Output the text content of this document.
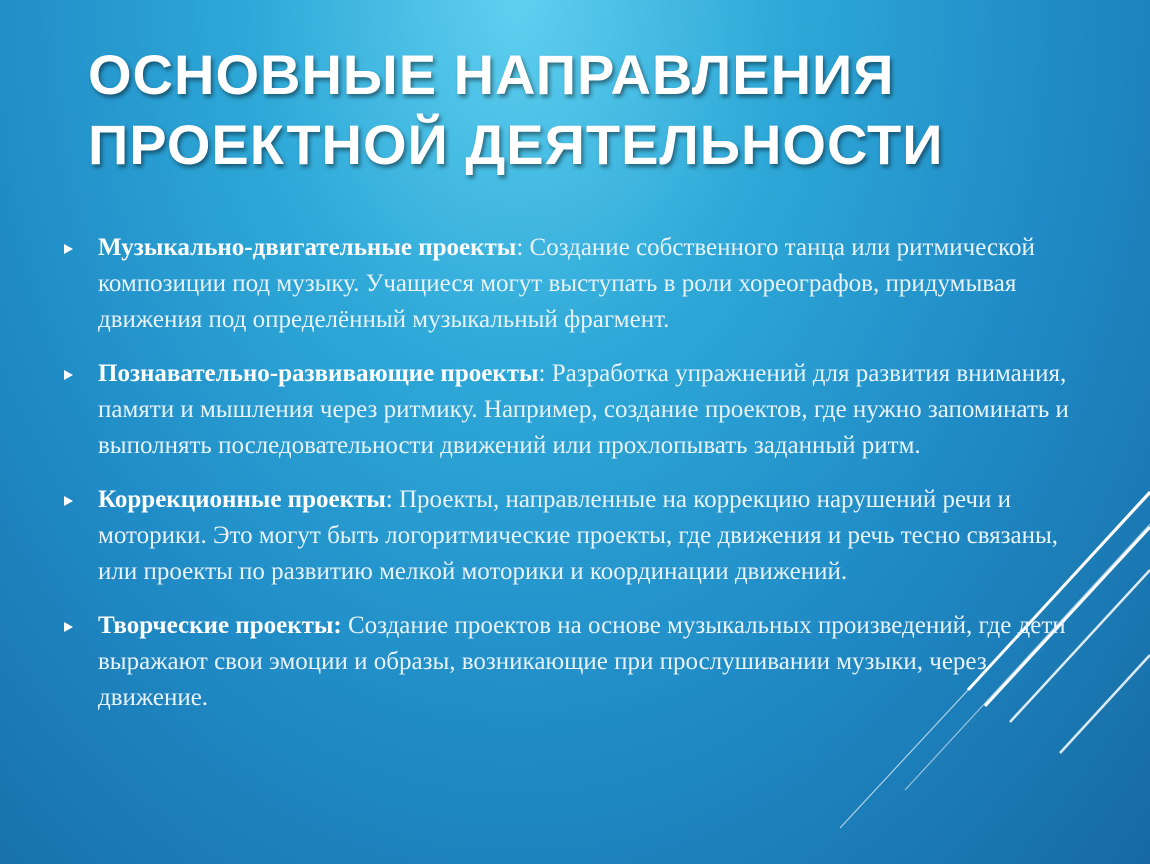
ОСНОВНЫЕ НАПРАВЛЕНИЯ
ПРОЕКТНОЙ ДЕЯТЕЛЬНОСТИ
Музыкально-двигательные проекты: Создание собственного танца или ритмической композиции под музыку. Учащиеся могут выступать в роли хореографов, придумывая движения под определённый музыкальный фрагмент.
Познавательно-развивающие проекты: Разработка упражнений для развития внимания, памяти и мышления через ритмику. Например, создание проектов, где нужно запоминать и выполнять последовательности движений или прохлопывать заданный ритм.
Коррекционные проекты: Проекты, направленные на коррекцию нарушений речи и моторики. Это могут быть логоритмические проекты, где движения и речь тесно связаны, или проекты по развитию мелкой моторики и координации движений.
Творческие проекты: Создание проектов на основе музыкальных произведений, где дети выражают свои эмоции и образы, возникающие при прослушивании музыки, через движение.
